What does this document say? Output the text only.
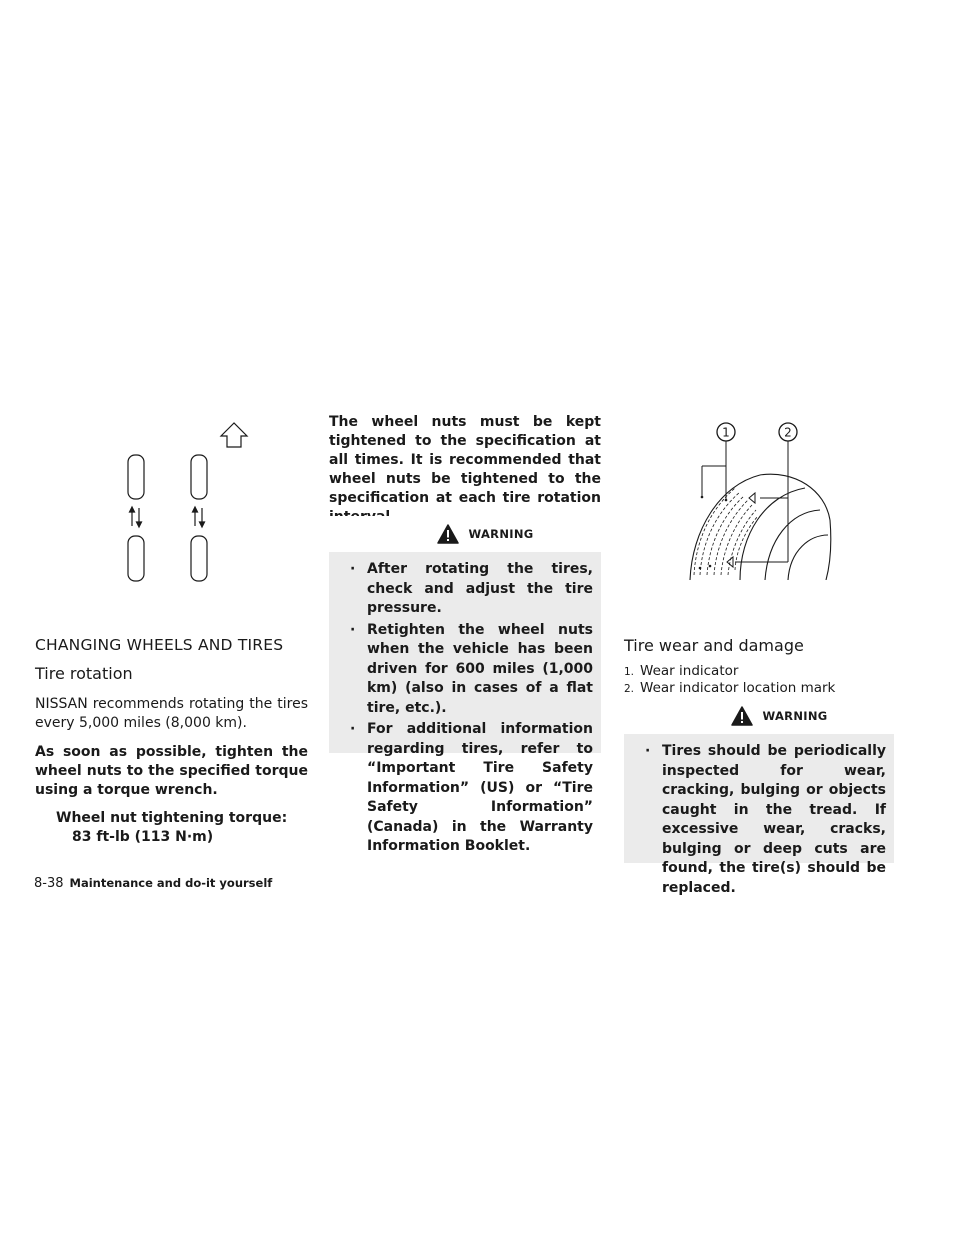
CHANGING WHEELS AND TIRES
Tire rotation

NISSAN recommends rotating the tires every 5,000 miles (8,000 km).

As soon as possible, tighten the wheel nuts to the specified torque using a torque wrench.

Wheel nut tightening torque:

83 ft-lb (113 N·m)

The wheel nuts must be kept tightened to the specification at all times. It is recommended that wheel nuts be tightened to the specification at each tire rotation

WARNING
· After rotating the tires, check and adjust the tire pressure.
· Retighten the wheel nuts when the vehicle has been driven for 600 miles (1,000 km) (also in cases of a flat tire, etc.).
· For additional information regarding tires, refer to “Important Tire Safety Information” (US) or “Tire Safety Information” (Canada) in the Warranty Information Booklet.
1	2
Tire wear and damage
1. Wear indicator
2. Wear indicator location mark
WARNING
· Tires should be periodically inspected for wear, cracking, bulging or objects caught in the tread. If excessive wear, cracks, bulging or deep cuts are found, the tire(s) should be replaced.
8-38 Maintenance and do-it yourself
